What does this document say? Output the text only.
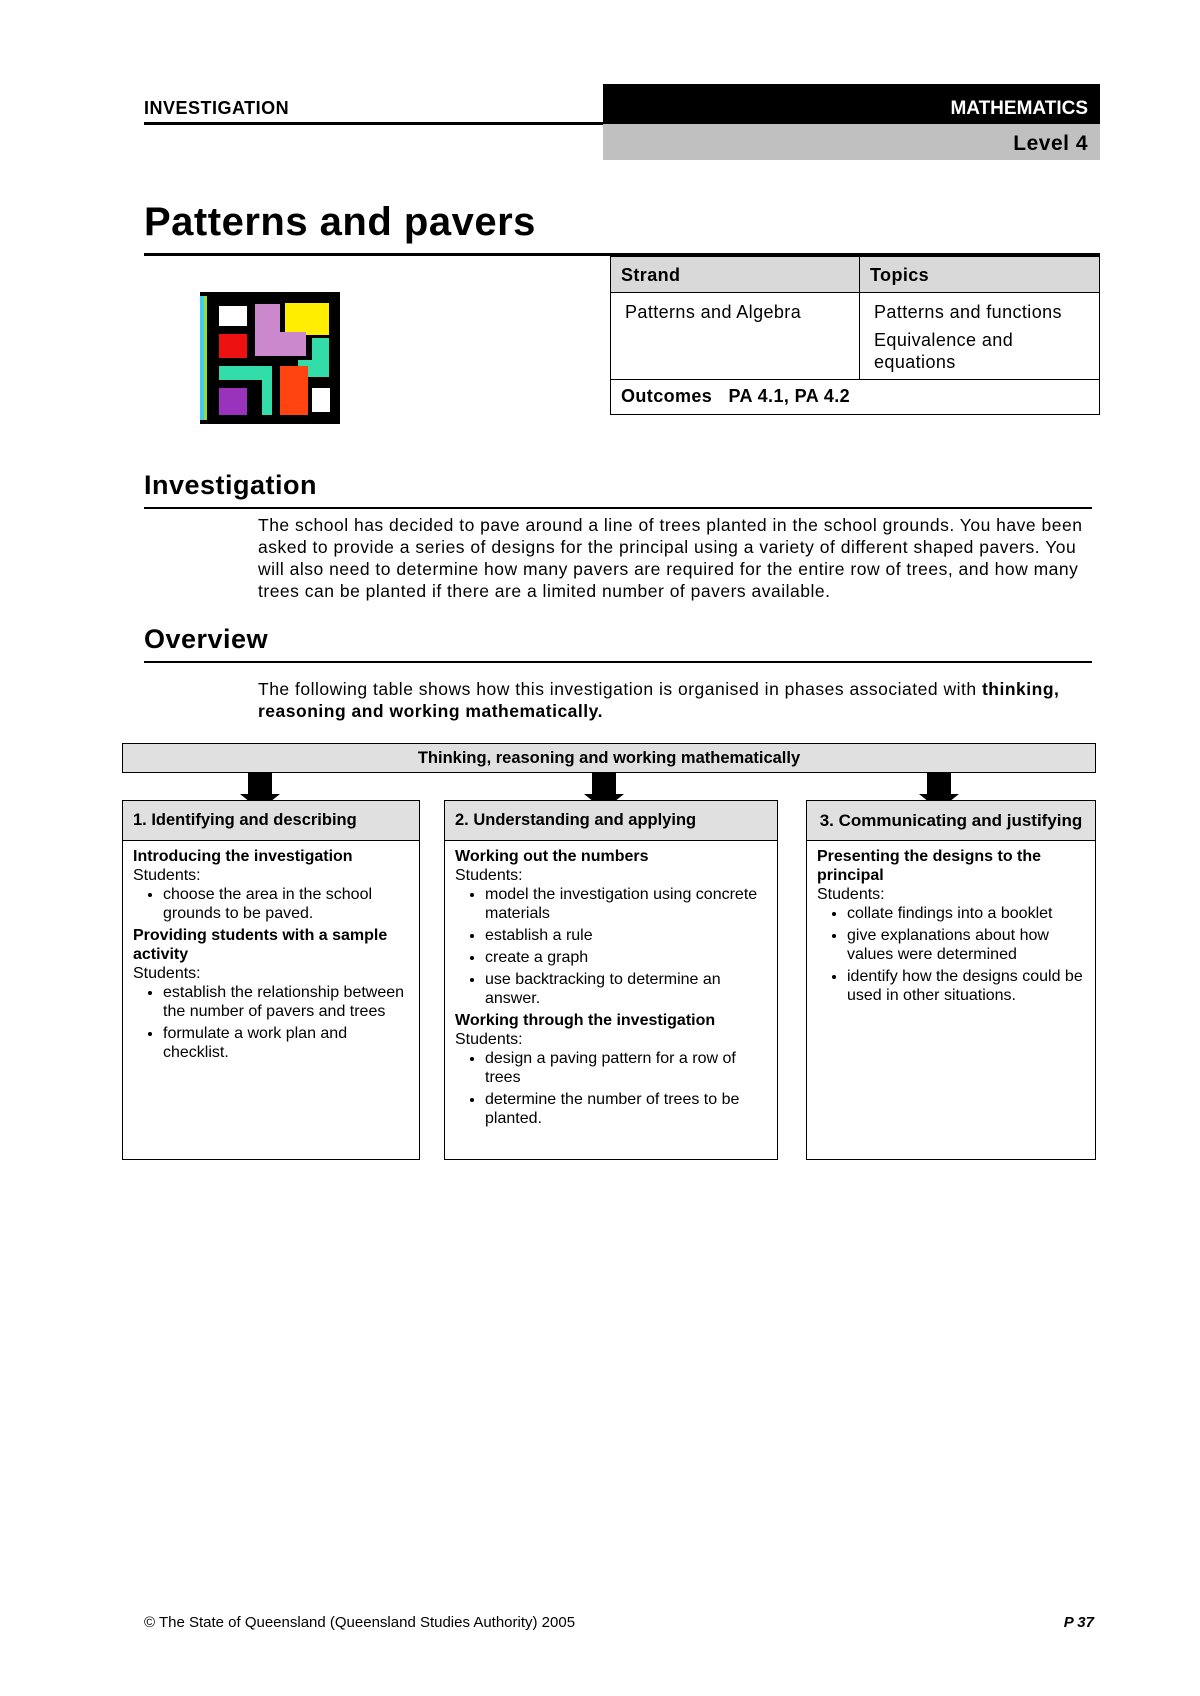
INVESTIGATION	MATHEMATICS
Level 4
Patterns and pavers
Strand	Topics
Patterns and Algebra	Patterns and functions
Equivalence and equations

Outcomes PA 4.1, PA 4.2	
Investigation
The school has decided to pave around a line of trees planted in the school grounds. You have been asked to provide a series of designs for the principal using a variety of different shaped pavers. You will also need to determine how many pavers are required for the entire row of trees, and how many trees can be planted if there are a limited number of pavers available.
Overview
The following table shows how this investigation is organised in phases associated with thinking, reasoning and working mathematically.
Thinking, reasoning and working mathematically
1. Identifying and describing
Introducing the investigation
Students:
• choose the area in the school grounds to be paved.
Providing students with a sample activity
Students:
• establish the relationship between the number of pavers and trees
• formulate a work plan and checklist.
2. Understanding and applying
Working out the numbers
Students:
• model the investigation using concrete materials
• establish a rule
• create a graph
• use backtracking to determine an answer.
Working through the investigation
Students:
• design a paving pattern for a row of trees
• determine the number of trees to be planted.
3. Communicating and justifying
Presenting the designs to the principal
Students:
• collate findings into a booklet
• give explanations about how values were determined
• identify how the designs could be used in other situations.
© The State of Queensland (Queensland Studies Authority) 2005	P 37
